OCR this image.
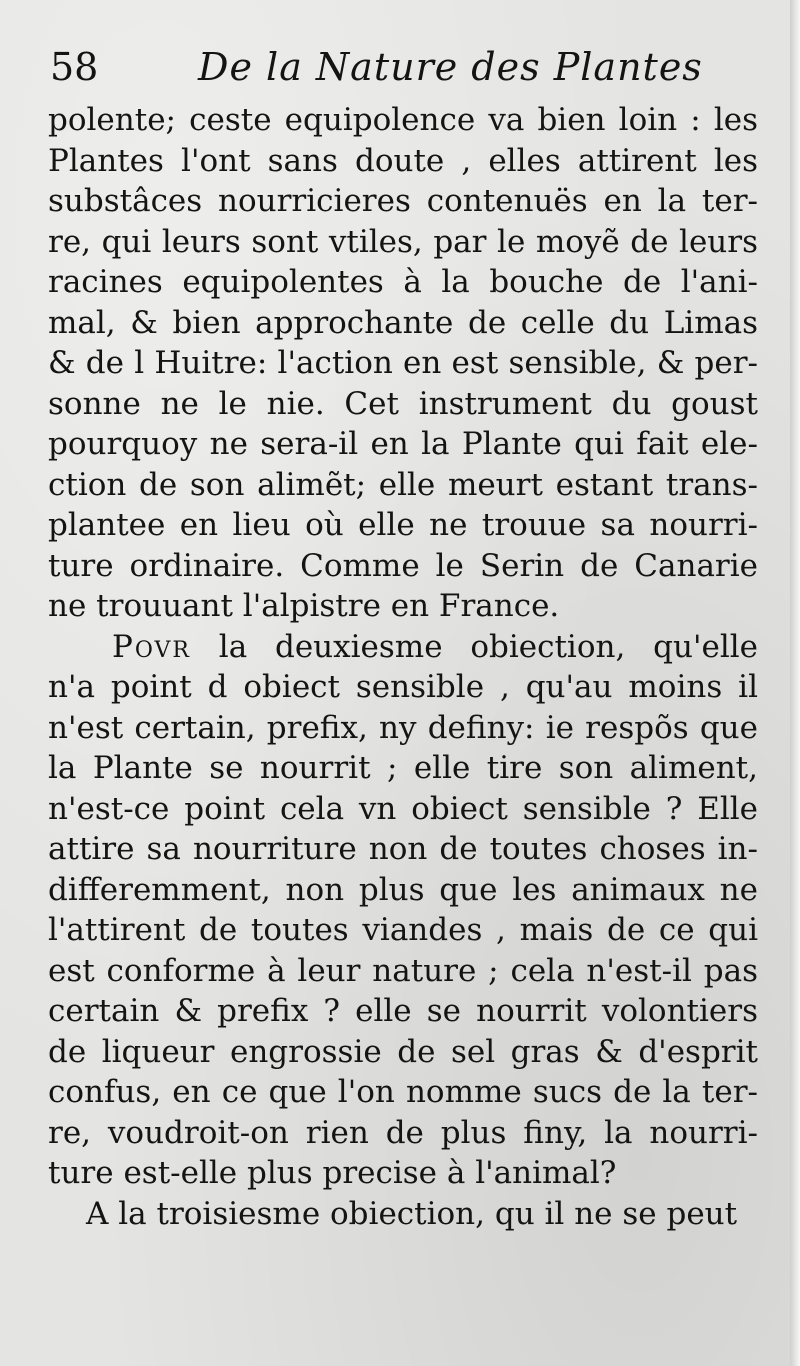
58	De la Nature des Plantes
polente; ceste equipolence va bien loin : les
Plantes l'ont sans doute , elles attirent les
substâces nourricieres contenuës en la ter-
re, qui leurs sont vtiles, par le moyẽ de leurs
racines equipolentes à la bouche de l'ani-
mal, & bien approchante de celle du Limas
& de l Huitre: l'action en est sensible, & per-
sonne ne le nie. Cet instrument du goust
pourquoy ne sera-il en la Plante qui fait ele-
ction de son alimẽt; elle meurt estant trans-
plantee en lieu où elle ne trouue sa nourri-
ture ordinaire. Comme le Serin de Canarie
ne trouuant l'alpistre en France.
Povr la deuxiesme obiection, qu'elle
n'a point d obiect sensible , qu'au moins il
n'est certain, prefix, ny definy: ie respõs que
la Plante se nourrit ; elle tire son aliment,
n'est-ce point cela vn obiect sensible ? Elle
attire sa nourriture non de toutes choses in-
differemment, non plus que les animaux ne
l'attirent de toutes viandes , mais de ce qui
est conforme à leur nature ; cela n'est-il pas
certain & prefix ? elle se nourrit volontiers
de liqueur engrossie de sel gras & d'esprit
confus, en ce que l'on nomme sucs de la ter-
re, voudroit-on rien de plus finy, la nourri-
ture est-elle plus precise à l'animal?
A la troisiesme obiection, qu il ne se peut
